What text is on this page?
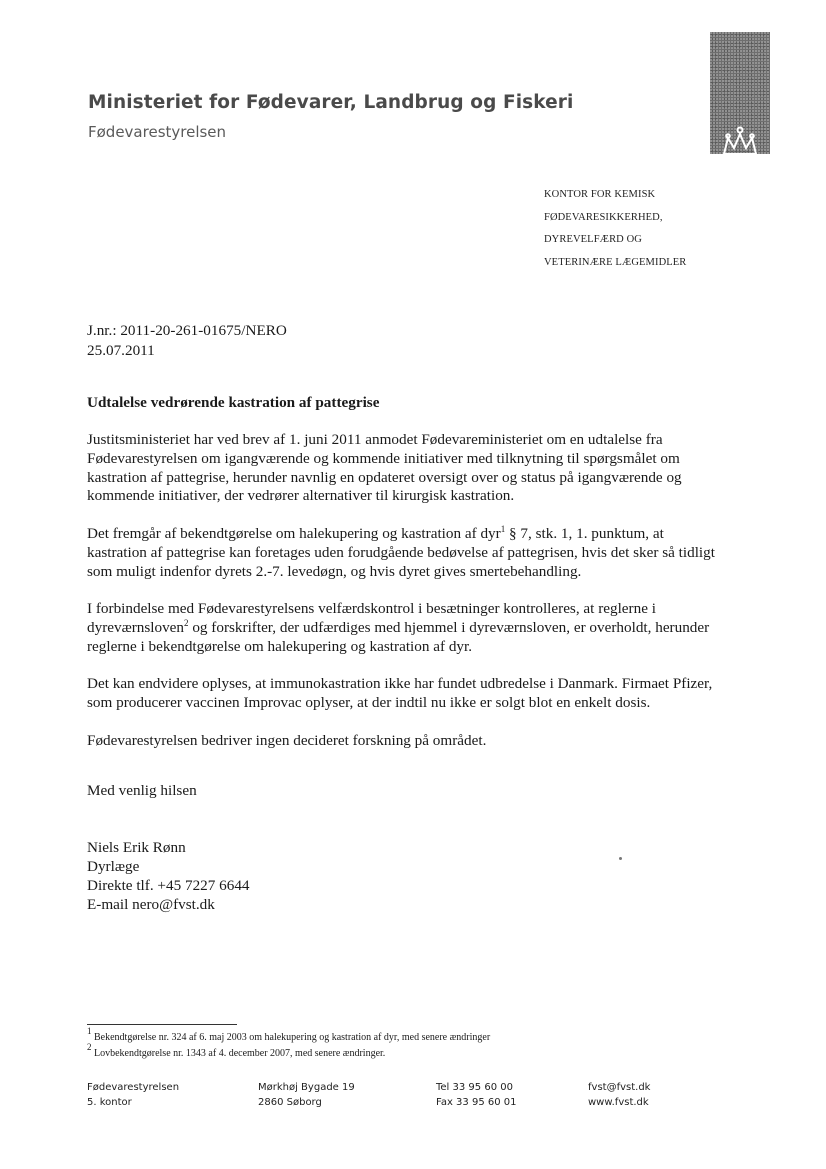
Ministeriet for Fødevarer, Landbrug og Fiskeri
Fødevarestyrelsen
KONTOR FOR KEMISK
FØDEVARESIKKERHED,
DYREVELFÆRD OG
VETERINÆRE LÆGEMIDLER
J.nr.: 2011-20-261-01675/NERO
25.07.2011
Udtalelse vedrørende kastration af pattegrise
Justitsministeriet har ved brev af 1. juni 2011 anmodet Fødevareministeriet om en udtalelse fra
Fødevarestyrelsen om igangværende og kommende initiativer med tilknytning til spørgsmålet om
kastration af pattegrise, herunder navnlig en opdateret oversigt over og status på igangværende og
kommende initiativer, der vedrører alternativer til kirurgisk kastration.
Det fremgår af bekendtgørelse om halekupering og kastration af dyr$^1$ § 7, stk. 1, 1. punktum, at
kastration af pattegrise kan foretages uden forudgående bedøvelse af pattegrisen, hvis det sker så tidligt
som muligt indenfor dyrets 2.-7. levedøgn, og hvis dyret gives smertebehandling.
I forbindelse med Fødevarestyrelsens velfærdskontrol i besætninger kontrolleres, at reglerne i
dyreværnsloven$^2$ og forskrifter, der udfærdiges med hjemmel i dyreværnsloven, er overholdt, herunder
reglerne i bekendtgørelse om halekupering og kastration af dyr.
Det kan endvidere oplyses, at immunokastration ikke har fundet udbredelse i Danmark. Firmaet Pfizer,
som producerer vaccinen Improvac oplyser, at der indtil nu ikke er solgt blot en enkelt dosis.
Fødevarestyrelsen bedriver ingen decideret forskning på området.
Med venlig hilsen
Niels Erik Rønn
Dyrlæge
Direkte tlf. +45 7227 6644
E-mail nero@fvst.dk
$^1$ Bekendtgørelse nr. 324 af 6. maj 2003 om halekupering og kastration af dyr, med senere ændringer
$^2$ Lovbekendtgørelse nr. 1343 af 4. december 2007, med senere ændringer.
Fødevarestyrelsen
5. kontor
Mørkhøj Bygade 19
2860 Søborg
Tel 33 95 60 00
Fax 33 95 60 01
fvst@fvst.dk
www.fvst.dk
